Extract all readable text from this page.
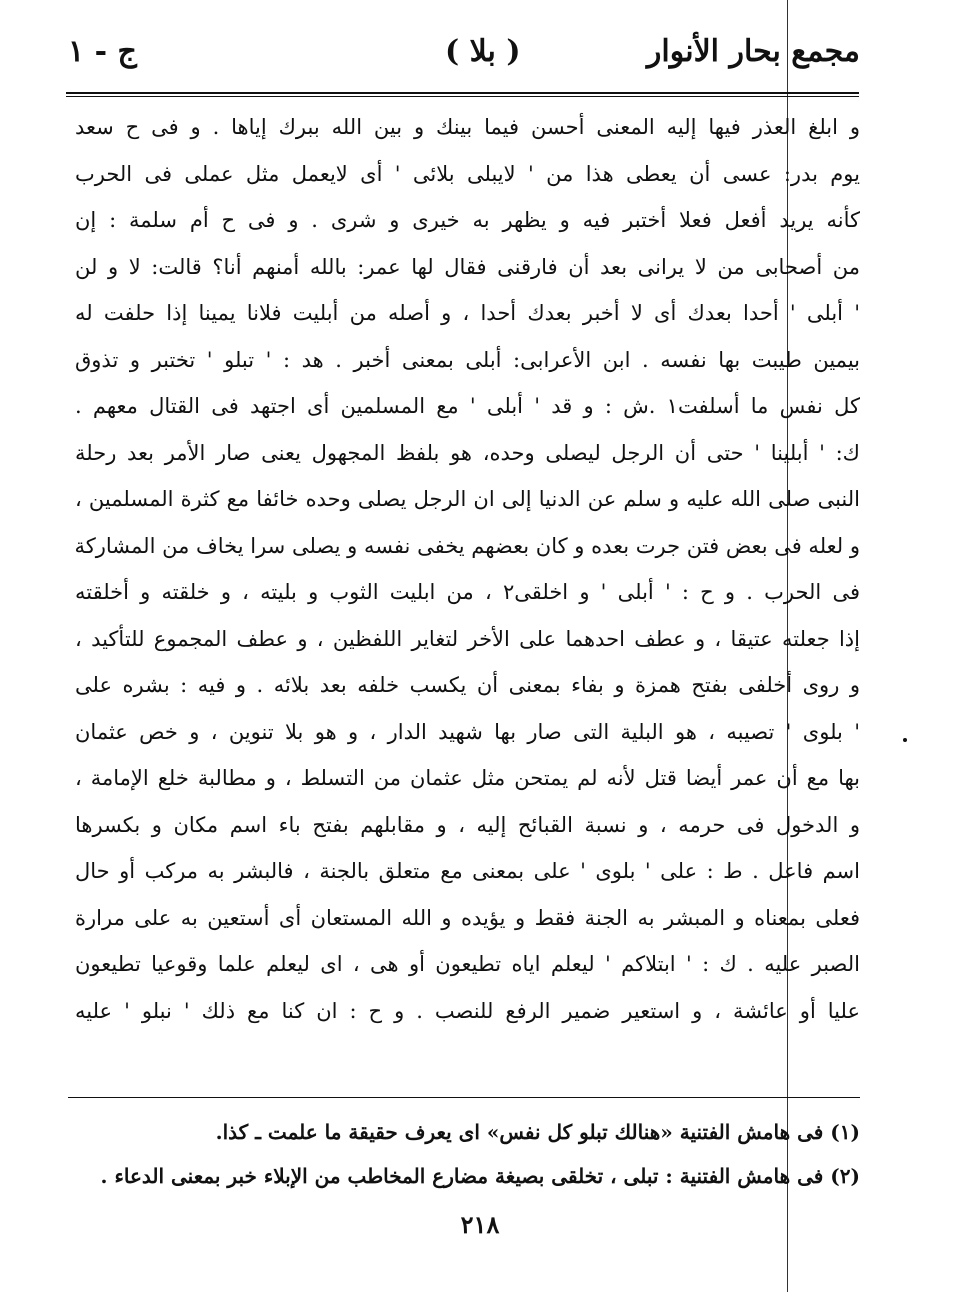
مجمع بحار الأنوار
( بلا )
ج - ١
و ابلغ العذر فيها إليه المعنى أحسن فيما بينك و بين الله ببرك إياها . و فى ح سعد
يوم بدر: عسى أن يعطى هذا من ' لايبلى بلائى ' أى لايعمل مثل عملى فى الحرب
كأنه يريد أفعل فعلا أختبر فيه و يظهر به خيرى و شرى . و فى ح أم سلمة : إن
من أصحابى من لا يرانى بعد أن فارقنى فقال لها عمر: بالله أمنهم أنا؟ قالت: لا و لن
' أبلى ' أحدا بعدك أى لا أخبر بعدك أحدا ، و أصله من أبليت فلانا يمينا إذا حلفت له
بيمين طيبت بها نفسه . ابن الأعرابى: أبلى بمعنى أخبر . هد : ' تبلو ' تختبر و تذوق
كل نفس ما أسلفت١ .ش : و قد ' أبلى ' مع المسلمين أى اجتهد فى القتال معهم .
ك: ' أبلينا ' حتى أن الرجل ليصلى وحده، هو بلفظ المجهول يعنى صار الأمر بعد رحلة
النبى صلى الله عليه و سلم عن الدنيا إلى ان الرجل يصلى وحده خائفا مع كثرة المسلمين ،
و لعله فى بعض فتن جرت بعده و كان بعضهم يخفى نفسه و يصلى سرا يخاف من المشاركة
فى الحرب . و ح : ' أبلى ' و اخلقى٢ ، من ابليت الثوب و بليته ، و خلقته و أخلقته
إذا جعلته عتيقا ، و عطف احدهما على الأخر لتغاير اللفظين ، و عطف المجموع للتأكيد ،
و روى أخلفى بفتح همزة و بفاء بمعنى أن يكسب خلفه بعد بلائه . و فيه : بشره على
' بلوى ' تصيبه ، هو البلية التى صار بها شهيد الدار ، و هو بلا تنوين ، و خص عثمان
بها مع أن عمر أيضا قتل لأنه لم يمتحن مثل عثمان من التسلط ، و مطالبة خلع الإمامة ،
و الدخول فى حرمه ، و نسبة القبائح إليه ، و مقابلهم بفتح باء اسم مكان و بكسرها
اسم فاعل . ط : على ' بلوى ' على بمعنى مع متعلق بالجنة ، فالبشر به مركب أو حال
فعلى بمعناه و المبشر به الجنة فقط و يؤيده و الله المستعان أى أستعين به على مرارة
الصبر عليه . ك : ' ابتلاكم ' ليعلم اياه تطيعون أو هى ، اى ليعلم علما وقوعيا تطيعون
عليا أو عائشة ، و استعير ضمير الرفع للنصب . و ح : ان كنا مع ذلك ' نبلو ' عليه
(١) فى هامش الفتنية «هنالك تبلو كل نفس» اى يعرف حقيقة ما علمت ـ كذا.
(٢) فى هامش الفتنية : تبلى ، تخلقى بصيغة مضارع المخاطب من الإبلاء خبر بمعنى الدعاء .
٢١٨
